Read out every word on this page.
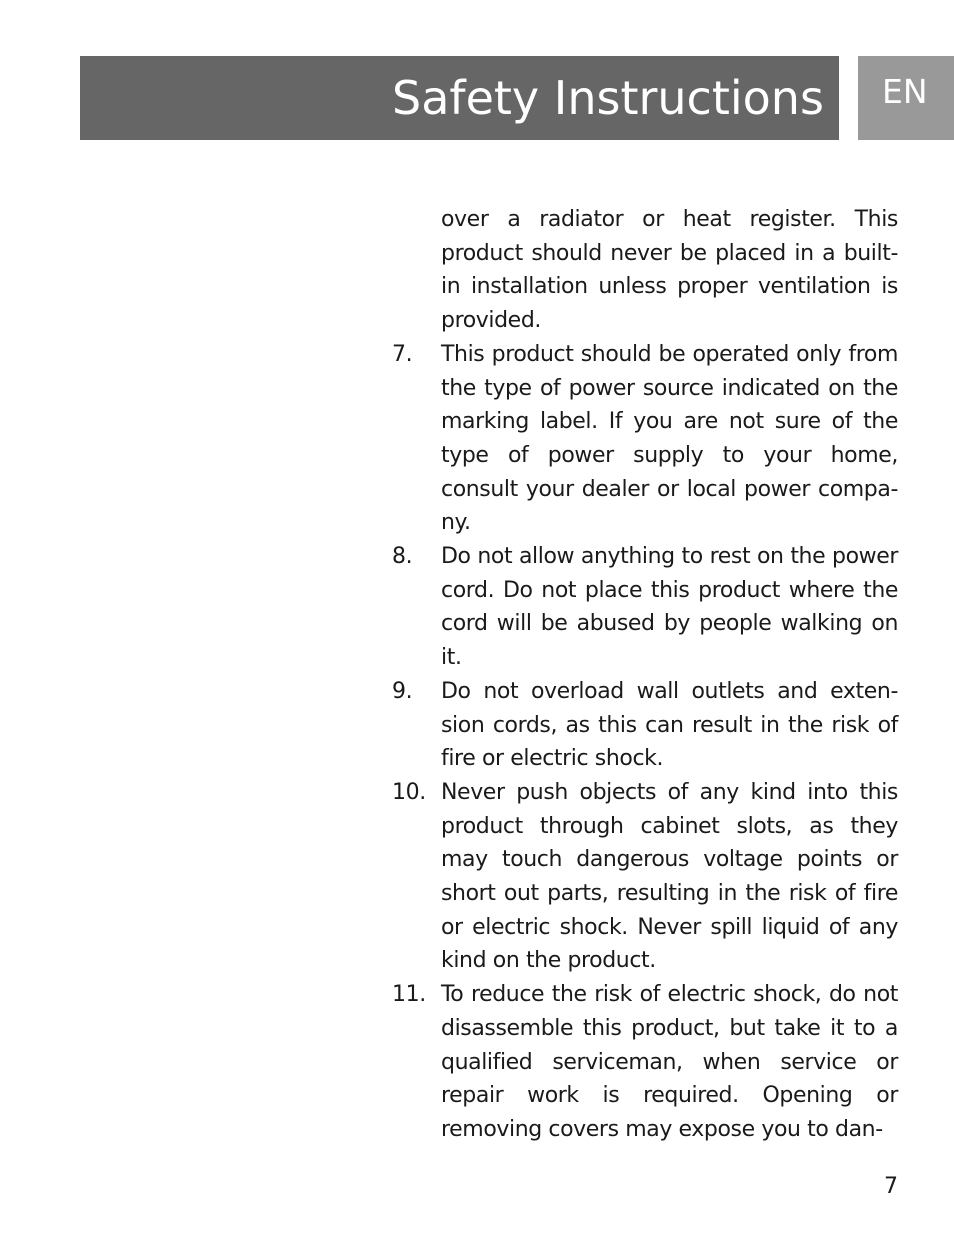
Safety Instructions EN
over a radiator or heat register. This product should never be placed in a built-in installation unless proper ventilation is provided.
7.	This product should be operated only from the type of power source indicated on the marking label. If you are not sure of the type of power supply to your home, consult your dealer or local power compa-ny.
8.	Do not allow anything to rest on the power cord. Do not place this product where the cord will be abused by people walking on it.
9.	Do not overload wall outlets and exten-sion cords, as this can result in the risk of fire or electric shock.
10. Never push objects of any kind into this product through cabinet slots, as they may touch dangerous voltage points or short out parts, resulting in the risk of fire or electric shock. Never spill liquid of any kind on the product.
11. To reduce the risk of electric shock, do not disassemble this product, but take it to a qualified serviceman, when service or repair work is required. Opening or removing covers may expose you to dan-
7
